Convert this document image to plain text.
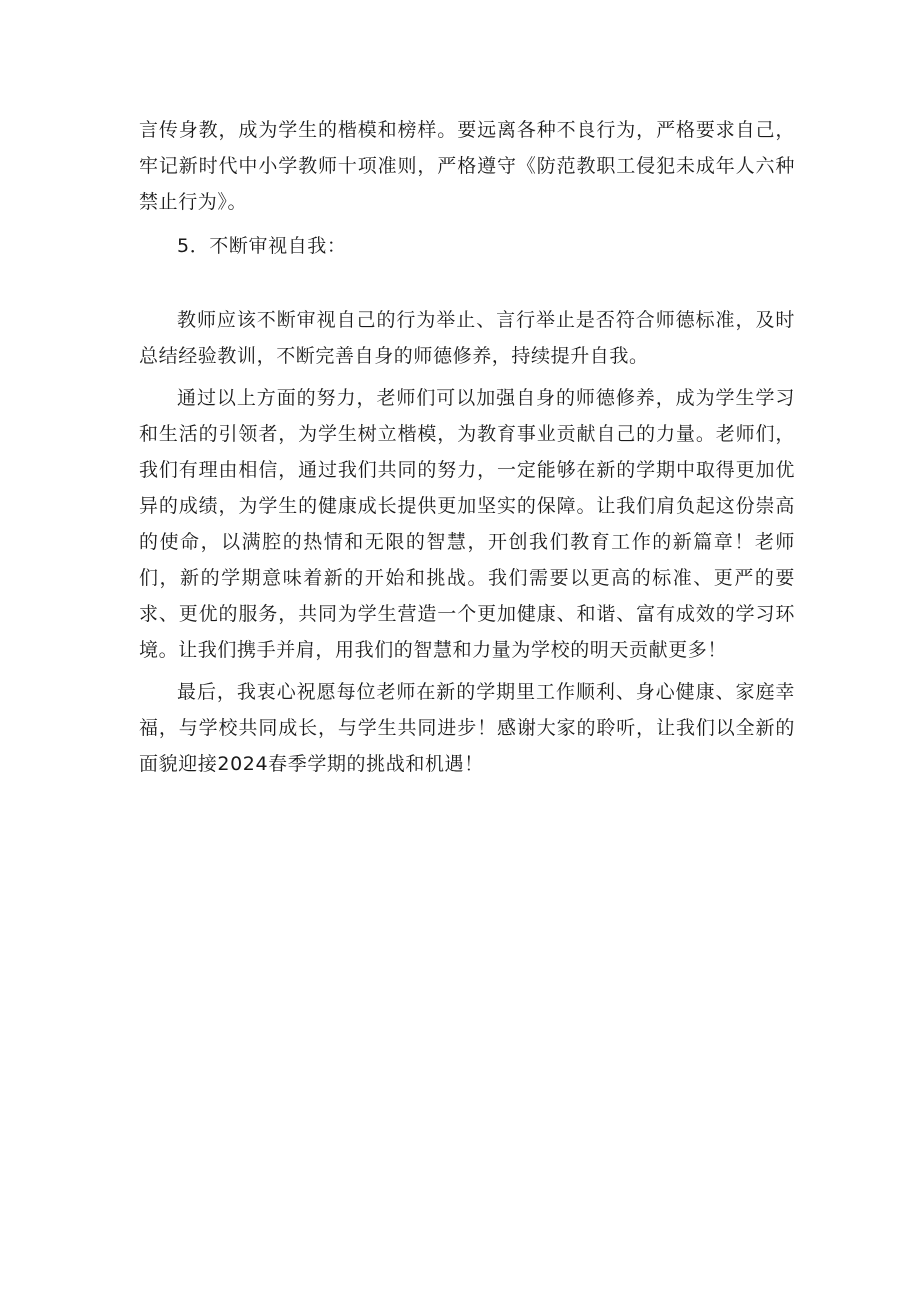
言传身教，成为学生的楷模和榜样。要远离各种不良行为，严格要求自己，牢记新时代中小学教师十项准则，严格遵守《防范教职工侵犯未成年人六种禁止行为》。

5．不断审视自我：

教师应该不断审视自己的行为举止、言行举止是否符合师德标准，及时总结经验教训，不断完善自身的师德修养，持续提升自我。

通过以上方面的努力，老师们可以加强自身的师德修养，成为学生学习和生活的引领者，为学生树立楷模，为教育事业贡献自己的力量。老师们，我们有理由相信，通过我们共同的努力，一定能够在新的学期中取得更加优异的成绩，为学生的健康成长提供更加坚实的保障。让我们肩负起这份崇高的使命，以满腔的热情和无限的智慧，开创我们教育工作的新篇章！老师们，新的学期意味着新的开始和挑战。我们需要以更高的标准、更严的要求、更优的服务，共同为学生营造一个更加健康、和谐、富有成效的学习环境。让我们携手并肩，用我们的智慧和力量为学校的明天贡献更多！

最后，我衷心祝愿每位老师在新的学期里工作顺利、身心健康、家庭幸福，与学校共同成长，与学生共同进步！感谢大家的聆听，让我们以全新的面貌迎接2024春季学期的挑战和机遇！
